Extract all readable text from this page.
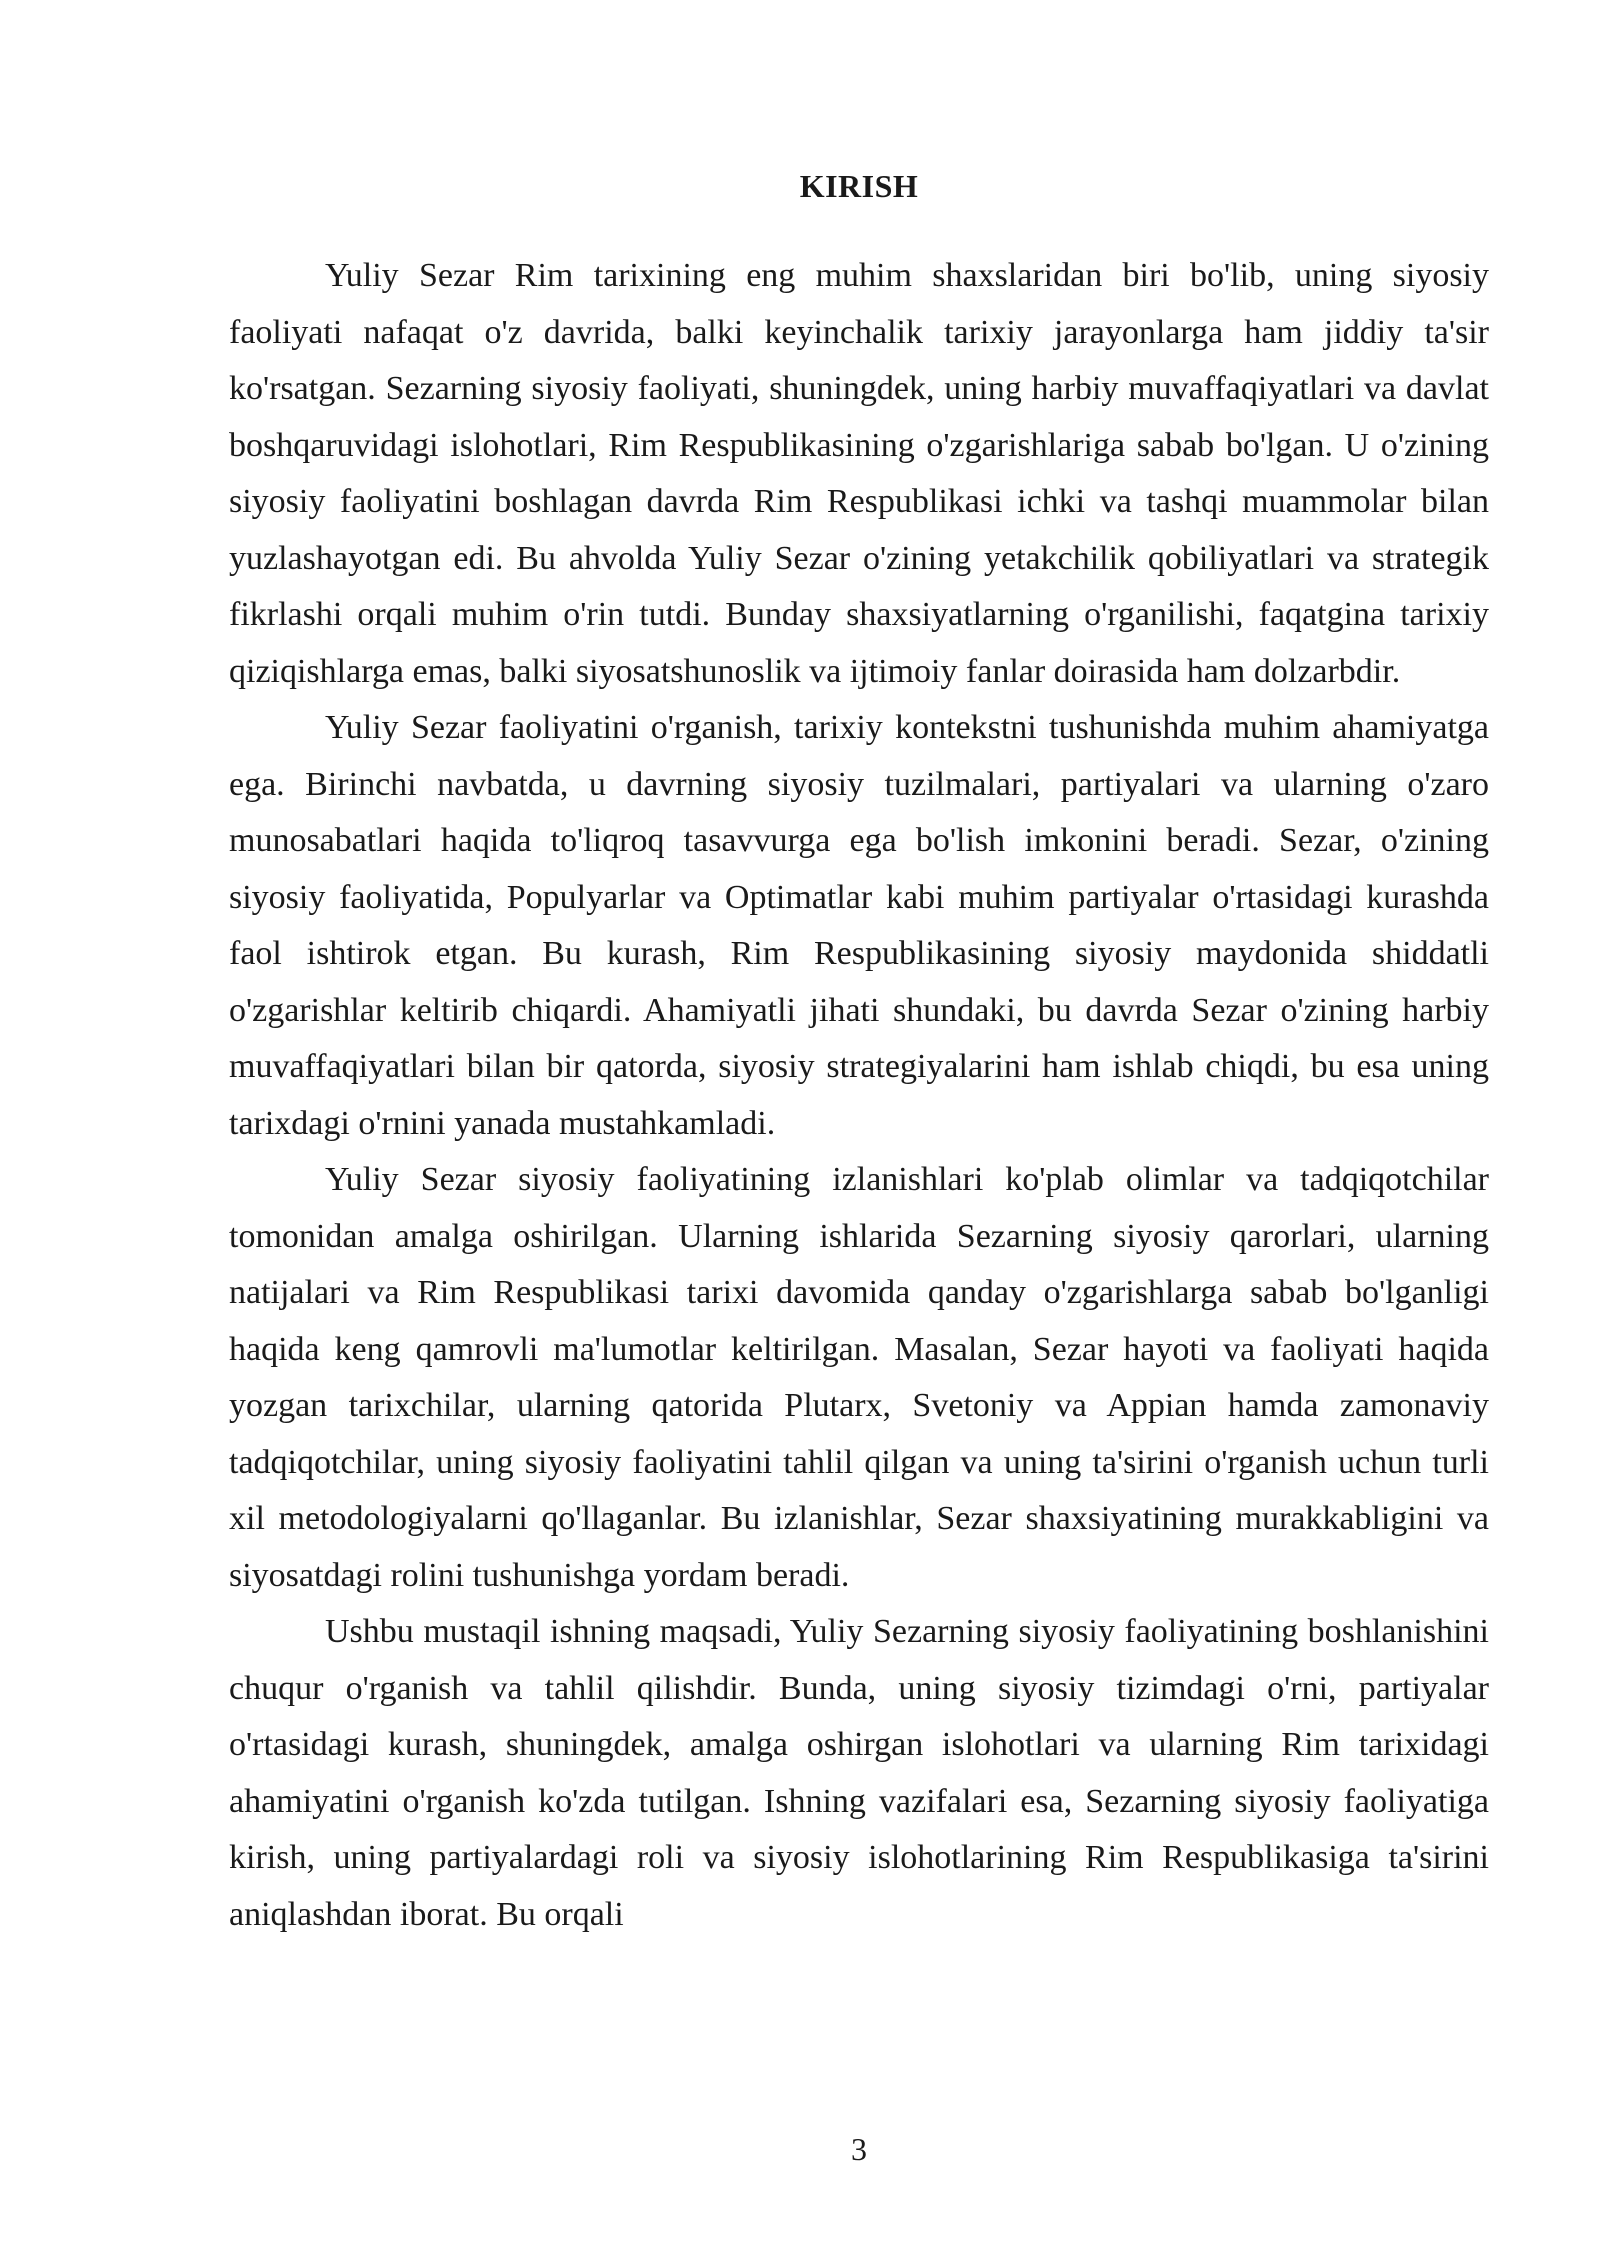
KIRISH

Yuliy Sezar Rim tarixining eng muhim shaxslaridan biri bo'lib, uning siyosiy faoliyati nafaqat o'z davrida, balki keyinchalik tarixiy jarayonlarga ham jiddiy ta'sir ko'rsatgan. Sezarning siyosiy faoliyati, shuningdek, uning harbiy muvaffaqiyatlari va davlat boshqaruvidagi islohotlari, Rim Respublikasining o'zgarishlariga sabab bo'lgan. U o'zining siyosiy faoliyatini boshlagan davrda Rim Respublikasi ichki va tashqi muammolar bilan yuzlashayotgan edi. Bu ahvolda Yuliy Sezar o'zining yetakchilik qobiliyatlari va strategik fikrlashi orqali muhim o'rin tutdi. Bunday shaxsiyatlarning o'rganilishi, faqatgina tarixiy qiziqishlarga emas, balki siyosatshunoslik va ijtimoiy fanlar doirasida ham dolzarbdir.

Yuliy Sezar faoliyatini o'rganish, tarixiy kontekstni tushunishda muhim ahamiyatga ega. Birinchi navbatda, u davrning siyosiy tuzilmalari, partiyalari va ularning o'zaro munosabatlari haqida to'liqroq tasavvurga ega bo'lish imkonini beradi. Sezar, o'zining siyosiy faoliyatida, Populyarlar va Optimatlar kabi muhim partiyalar o'rtasidagi kurashda faol ishtirok etgan. Bu kurash, Rim Respublikasining siyosiy maydonida shiddatli o'zgarishlar keltirib chiqardi. Ahamiyatli jihati shundaki, bu davrda Sezar o'zining harbiy muvaffaqiyatlari bilan bir qatorda, siyosiy strategiyalarini ham ishlab chiqdi, bu esa uning tarixdagi o'rnini yanada mustahkamladi.

Yuliy Sezar siyosiy faoliyatining izlanishlari ko'plab olimlar va tadqiqotchilar tomonidan amalga oshirilgan. Ularning ishlarida Sezarning siyosiy qarorlari, ularning natijalari va Rim Respublikasi tarixi davomida qanday o'zgarishlarga sabab bo'lganligi haqida keng qamrovli ma'lumotlar keltirilgan. Masalan, Sezar hayoti va faoliyati haqida yozgan tarixchilar, ularning qatorida Plutarx, Svetoniy va Appian hamda zamonaviy tadqiqotchilar, uning siyosiy faoliyatini tahlil qilgan va uning ta'sirini o'rganish uchun turli xil metodologiyalarni qo'llaganlar. Bu izlanishlar, Sezar shaxsiyatining murakkabligini va siyosatdagi rolini tushunishga yordam beradi.

Ushbu mustaqil ishning maqsadi, Yuliy Sezarning siyosiy faoliyatining boshlanishini chuqur o'rganish va tahlil qilishdir. Bunda, uning siyosiy tizimdagi o'rni, partiyalar o'rtasidagi kurash, shuningdek, amalga oshirgan islohotlari va ularning Rim tarixidagi ahamiyatini o'rganish ko'zda tutilgan. Ishning vazifalari esa, Sezarning siyosiy faoliyatiga kirish, uning partiyalardagi roli va siyosiy islohotlarining Rim Respublikasiga ta'sirini aniqlashdan iborat. Bu orqali

3
